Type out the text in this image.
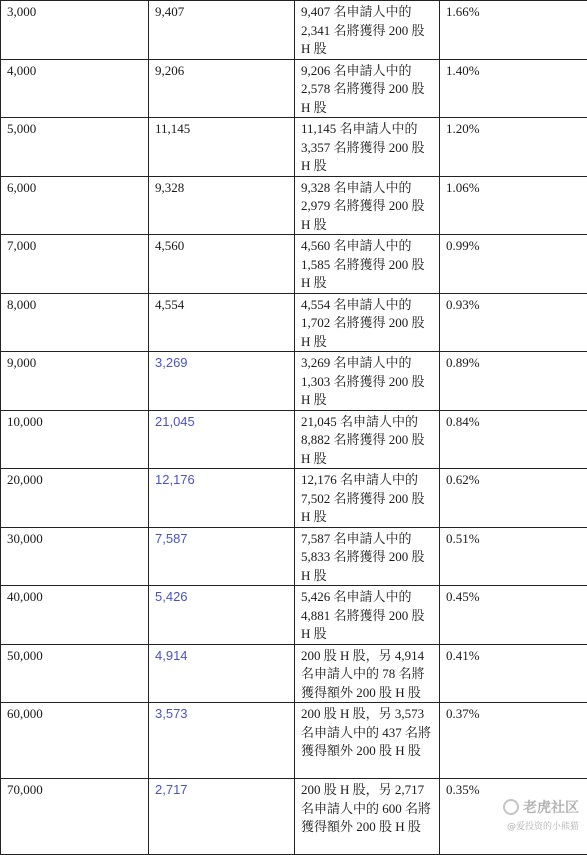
3,000	9,407	9,407 名申請人中的 2,341 名將獲得 200 股 H 股	1.66%
4,000	9,206	9,206 名申請人中的 2,578 名將獲得 200 股 H 股	1.40%
5,000	11,145	11,145 名申請人中的 3,357 名將獲得 200 股 H 股	1.20%
6,000	9,328	9,328 名申請人中的 2,979 名將獲得 200 股 H 股	1.06%
7,000	4,560	4,560 名申請人中的 1,585 名將獲得 200 股 H 股	0.99%
8,000	4,554	4,554 名申請人中的 1,702 名將獲得 200 股 H 股	0.93%
9,000	3,269	3,269 名申請人中的 1,303 名將獲得 200 股 H 股	0.89%
10,000	21,045	21,045 名申請人中的 8,882 名將獲得 200 股 H 股	0.84%
20,000	12,176	12,176 名申請人中的 7,502 名將獲得 200 股 H 股	0.62%
30,000	7,587	7,587 名申請人中的 5,833 名將獲得 200 股 H 股	0.51%
40,000	5,426	5,426 名申請人中的 4,881 名將獲得 200 股 H 股	0.45%
50,000	4,914	200 股 H 股，另 4,914 名申請人中的 78 名將獲得額外 200 股 H 股	0.41%
60,000	3,573	200 股 H 股，另 3,573 名申請人中的 437 名將獲得額外 200 股 H 股	0.37%
70,000	2,717	200 股 H 股，另 2,717 名申請人中的 600 名將獲得額外 200 股 H 股	0.35%
老虎社区
@爱投资的小熊猫
